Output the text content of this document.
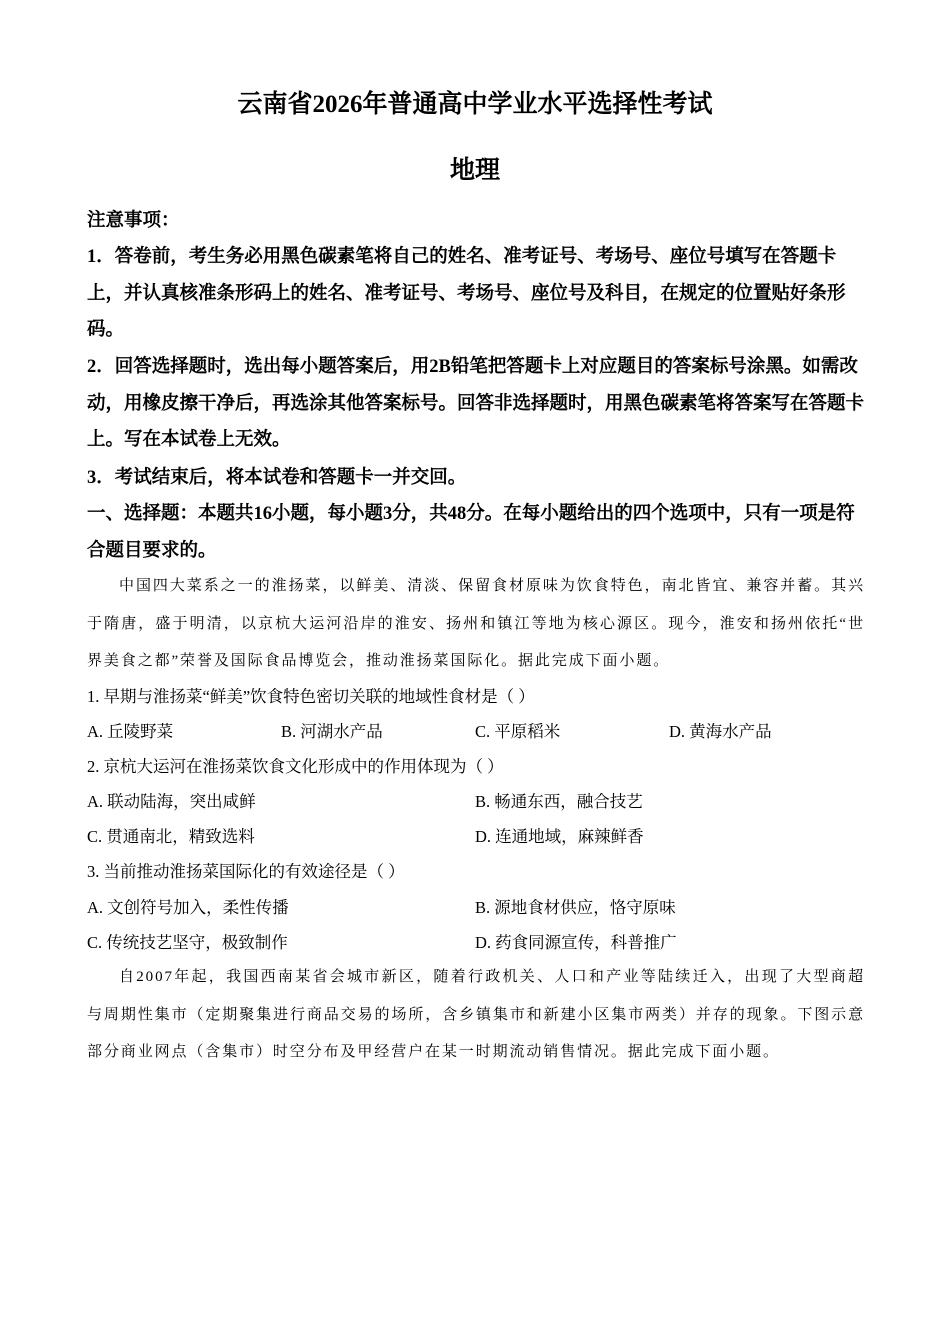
云南省2026年普通高中学业水平选择性考试
地理
注意事项：
1．答卷前，考生务必用黑色碳素笔将自己的姓名、准考证号、考场号、座位号填写在答题卡上，并认真核准条形码上的姓名、准考证号、考场号、座位号及科目，在规定的位置贴好条形码。
2．回答选择题时，选出每小题答案后，用2B铅笔把答题卡上对应题目的答案标号涂黑。如需改动，用橡皮擦干净后，再选涂其他答案标号。回答非选择题时，用黑色碳素笔将答案写在答题卡上。写在本试卷上无效。
3．考试结束后，将本试卷和答题卡一并交回。
一、选择题：本题共16小题，每小题3分，共48分。在每小题给出的四个选项中，只有一项是符合题目要求的。
中国四大菜系之一的淮扬菜，以鲜美、清淡、保留食材原味为饮食特色，南北皆宜、兼容并蓄。其兴于隋唐，盛于明清，以京杭大运河沿岸的淮安、扬州和镇江等地为核心源区。现今，淮安和扬州依托“世界美食之都”荣誉及国际食品博览会，推动淮扬菜国际化。据此完成下面小题。
1. 早期与淮扬菜“鲜美”饮食特色密切关联的地域性食材是（ ）
A. 丘陵野菜	B. 河湖水产品	C. 平原稻米	D. 黄海水产品
2. 京杭大运河在淮扬菜饮食文化形成中的作用体现为（ ）
A. 联动陆海，突出咸鲜	B. 畅通东西，融合技艺
C. 贯通南北，精致选料	D. 连通地域，麻辣鲜香
3. 当前推动淮扬菜国际化的有效途径是（ ）
A. 文创符号加入，柔性传播	B. 源地食材供应，恪守原味
C. 传统技艺坚守，极致制作	D. 药食同源宣传，科普推广
自2007年起，我国西南某省会城市新区，随着行政机关、人口和产业等陆续迁入，出现了大型商超与周期性集市（定期聚集进行商品交易的场所，含乡镇集市和新建小区集市两类）并存的现象。下图示意部分商业网点（含集市）时空分布及甲经营户在某一时期流动销售情况。据此完成下面小题。
